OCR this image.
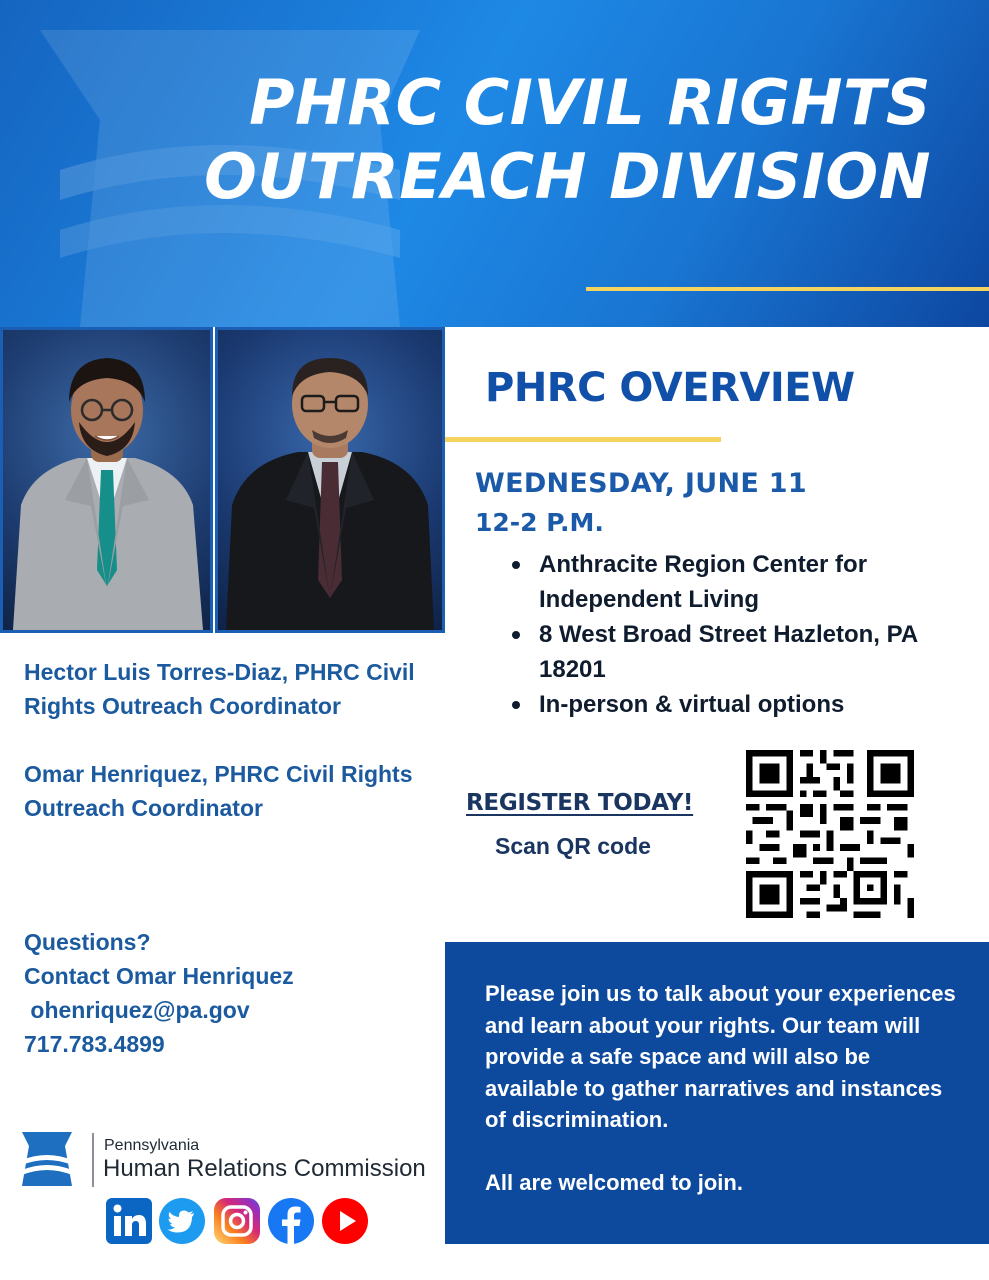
PHRC CIVIL RIGHTS
OUTREACH DIVISION
PHRC OVERVIEW
WEDNESDAY, JUNE 11
12-2 P.M.
Anthracite Region Center for Independent Living
8 West Broad Street Hazleton, PA 18201
In-person & virtual options
REGISTER TODAY!
Scan QR code
Hector Luis Torres-Diaz, PHRC Civil Rights Outreach Coordinator
Omar Henriquez, PHRC Civil Rights Outreach Coordinator
Questions?
Contact Omar Henriquez
ohenriquez@pa.gov
717.783.4899
Pennsylvania
Human Relations Commission

Please join us to talk about your experiences and learn about your rights. Our team will provide a safe space and will also be available to gather narratives and instances of discrimination.

All are welcomed to join.
